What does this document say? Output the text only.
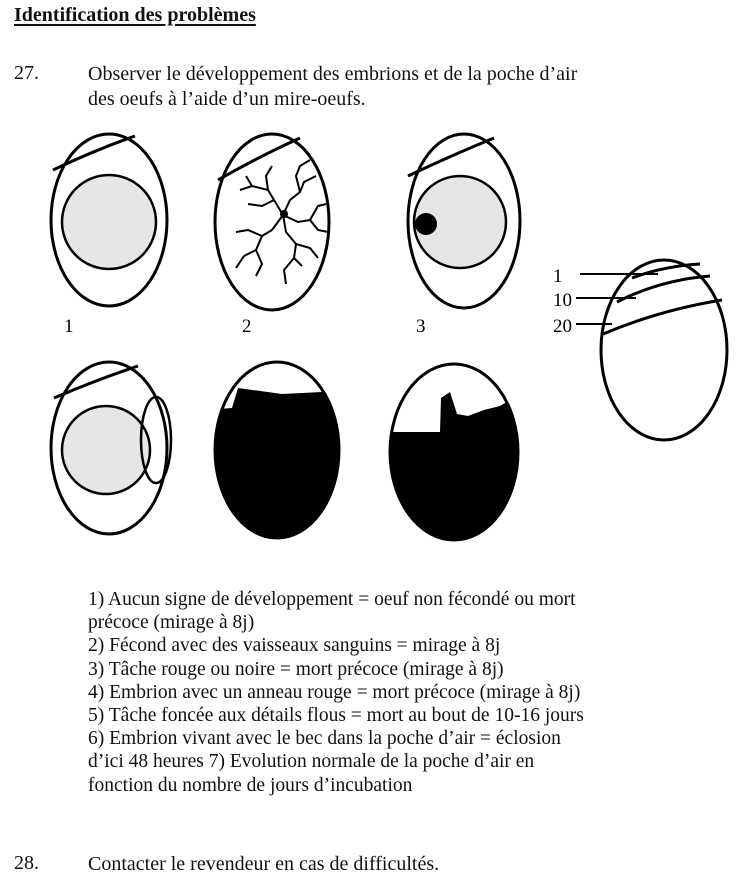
Identification des problèmes
27. Observer le développement des embrions et de la poche d’air
des oeufs à l’aide d’un mire-oeufs.
1	2	3
1
10
20
1) Aucun signe de développement = oeuf non fécondé ou mort
précoce (mirage à 8j)
2) Fécond avec des vaisseaux sanguins = mirage à 8j
3) Tâche rouge ou noire = mort précoce (mirage à 8j)
4) Embrion avec un anneau rouge = mort précoce (mirage à 8j)
5) Tâche foncée aux détails flous = mort au bout de 10-16 jours
6) Embrion vivant avec le bec dans la poche d’air = éclosion
d’ici 48 heures 7) Evolution normale de la poche d’air en
fonction du nombre de jours d’incubation
28. Contacter le revendeur en cas de difficultés.
